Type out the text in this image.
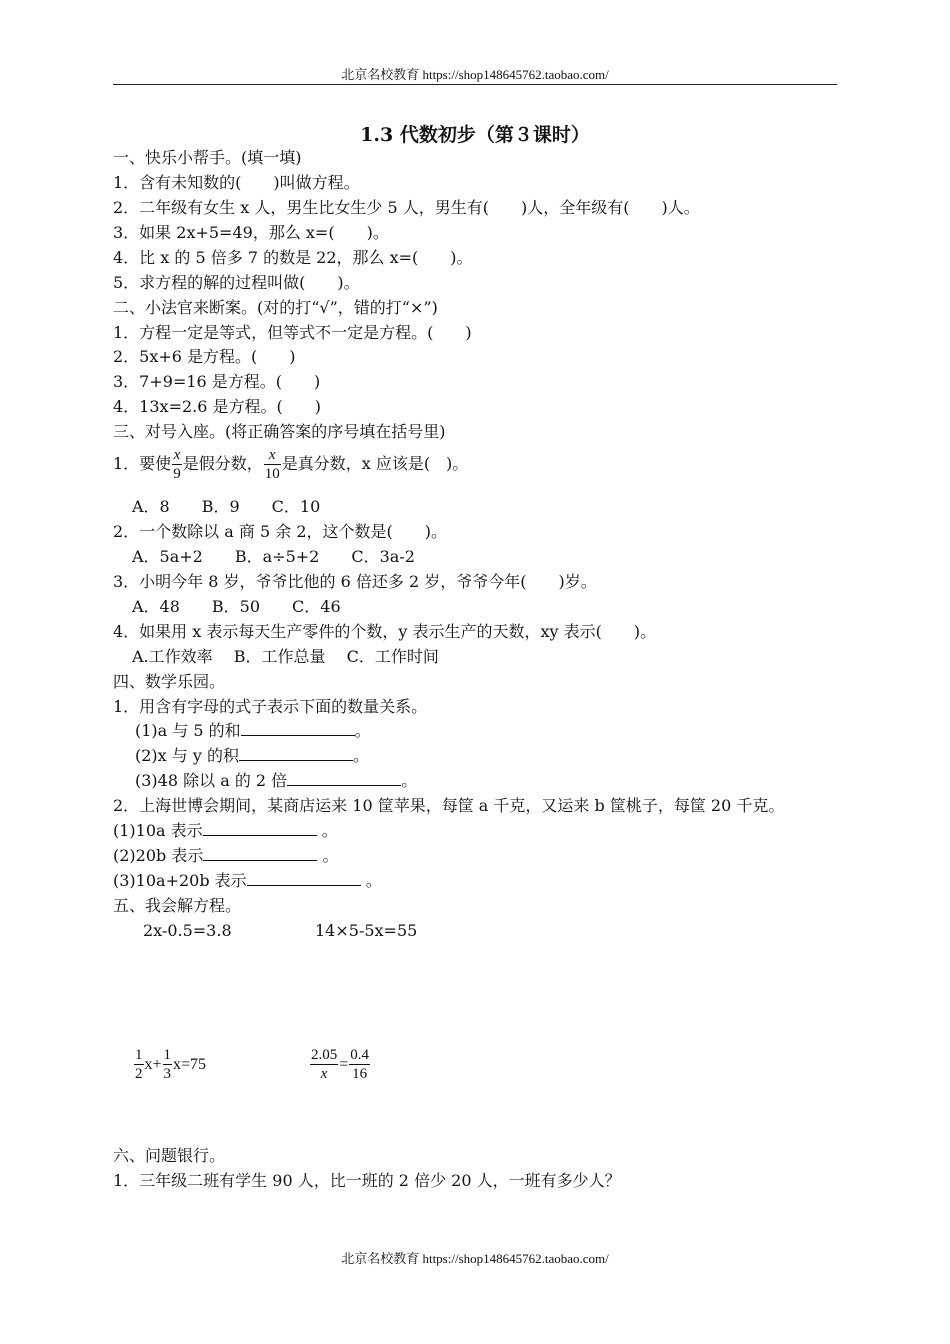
北京名校教育 https://shop148645762.taobao.com/
1.3 代数初步（第３课时）
一、快乐小帮手。(填一填)
1．含有未知数的(　　)叫做方程。
2．二年级有女生 x 人，男生比女生少 5 人，男生有(　　)人，全年级有(　　)人。
3．如果 2x+5=49，那么 x=(　　)。
4．比 x 的 5 倍多 7 的数是 22，那么 x=(　　)。
5．求方程的解的过程叫做(　　)。
二、小法官来断案。(对的打“√”，错的打“×”)
1．方程一定是等式，但等式不一定是方程。(　　)
2．5x+6 是方程。(　　)
3．7+9=16 是方程。(　　)
4．13x=2.6 是方程。(　　)
三、对号入座。(将正确答案的序号填在括号里)
1．要使 $\frac{x}{9}$ 是假分数， $\frac{x}{10}$ 是真分数，x 应该是(　)。
A．8　　B．9　　C．10
2．一个数除以 a 商 5 余 2，这个数是(　　)。
A．5a+2　　B．a÷5+2　　C．3a-2
3．小明今年 8 岁，爷爷比他的 6 倍还多 2 岁，爷爷今年(　　)岁。
A．48　　B．50　　C．46
4．如果用 x 表示每天生产零件的个数，y 表示生产的天数，xy 表示(　　)。
A.工作效率　 B．工作总量　 C．工作时间
四、数学乐园。
1．用含有字母的式子表示下面的数量关系。
(1)a 与 5 的和	。
(2)x 与 y 的积	。
(3)48 除以 a 的 2 倍	。
2．上海世博会期间，某商店运来 10 筐苹果，每筐 a 千克，又运来 b 筐桃子，每筐 20 千克。
(1)10a 表示	。
(2)20b 表示	。
(3)10a+20b 表示	。
五、我会解方程。
2x-0.5=3.8	14×5-5x=55
$\frac{1}{2} x+ \frac{1}{3} x=75$	$\frac{2.05}{x} = \frac{0.4}{16}$
六、问题银行。
1．三年级二班有学生 90 人，比一班的 2 倍少 20 人，一班有多少人？
北京名校教育 https://shop148645762.taobao.com/
